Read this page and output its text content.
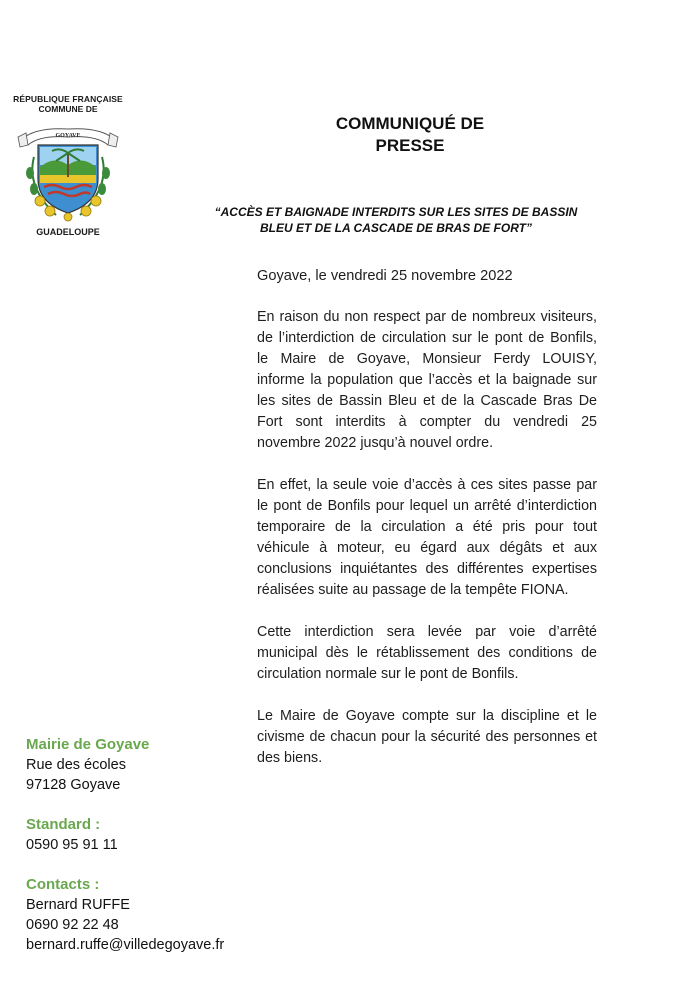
RÉPUBLIQUE FRANÇAISE
COMMUNE DE
GOYAVE
GUADELOUPE
COMMUNIQUÉ DE
PRESSE
“ACCÈS ET BAIGNADE INTERDITS SUR LES SITES DE BASSIN
BLEU ET DE LA CASCADE DE BRAS DE FORT”

Goyave, le vendredi 25 novembre 2022

En raison du non respect par de nombreux visiteurs, de l’interdiction de circulation sur le pont de Bonfils, le Maire de Goyave, Monsieur Ferdy LOUISY, informe la population que l’accès et la baignade sur les sites de Bassin Bleu et de la Cascade Bras De Fort sont interdits à compter du vendredi 25 novembre 2022 jusqu’à nouvel ordre.

En effet, la seule voie d’accès à ces sites passe par le pont de Bonfils pour lequel un arrêté d’interdiction temporaire de la circulation a été pris pour tout véhicule à moteur, eu égard aux dégâts et aux conclusions inquiétantes des différentes expertises réalisées suite au passage de la tempête FIONA.

Cette interdiction sera levée par voie d’arrêté municipal dès le rétablissement des conditions de circulation normale sur le pont de Bonfils.

Le Maire de Goyave compte sur la discipline et le civisme de chacun pour la sécurité des personnes et des biens.

Mairie de Goyave
Rue des écoles
97128 Goyave
Standard :
0590 95 91 11
Contacts :
Bernard RUFFE
0690 92 22 48
bernard.ruffe@villedegoyave.fr
